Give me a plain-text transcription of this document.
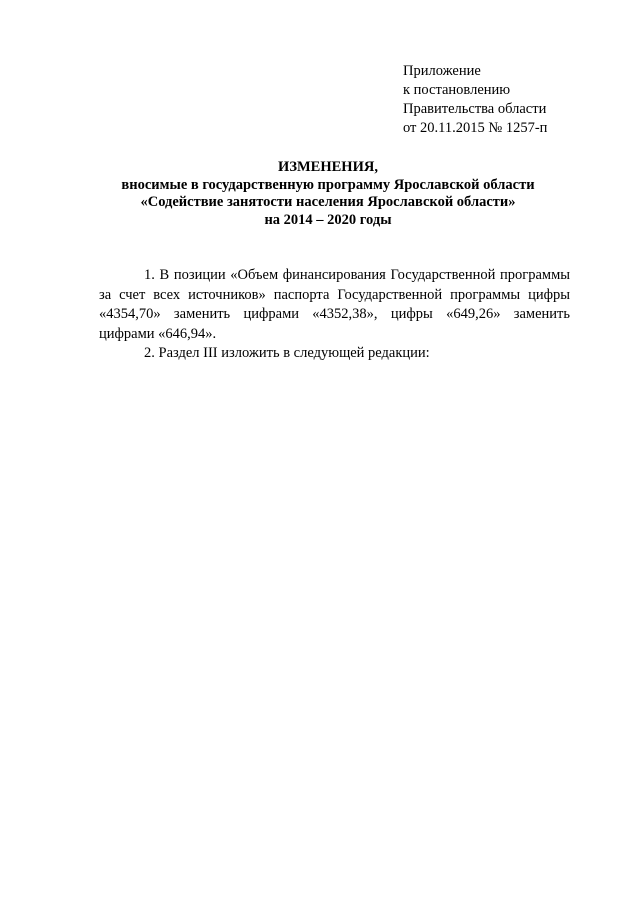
Приложение
к постановлению
Правительства области
от 20.11.2015 № 1257-п
ИЗМЕНЕНИЯ,
вносимые в государственную программу Ярославской области
«Содействие занятости населения Ярославской области»
на 2014 – 2020 годы

1. В позиции «Объем финансирования Государственной программы за счет всех источников» паспорта Государственной программы цифры «4354,70» заменить цифрами «4352,38», цифры «649,26» заменить цифрами «646,94».

2. Раздел III изложить в следующей редакции:
